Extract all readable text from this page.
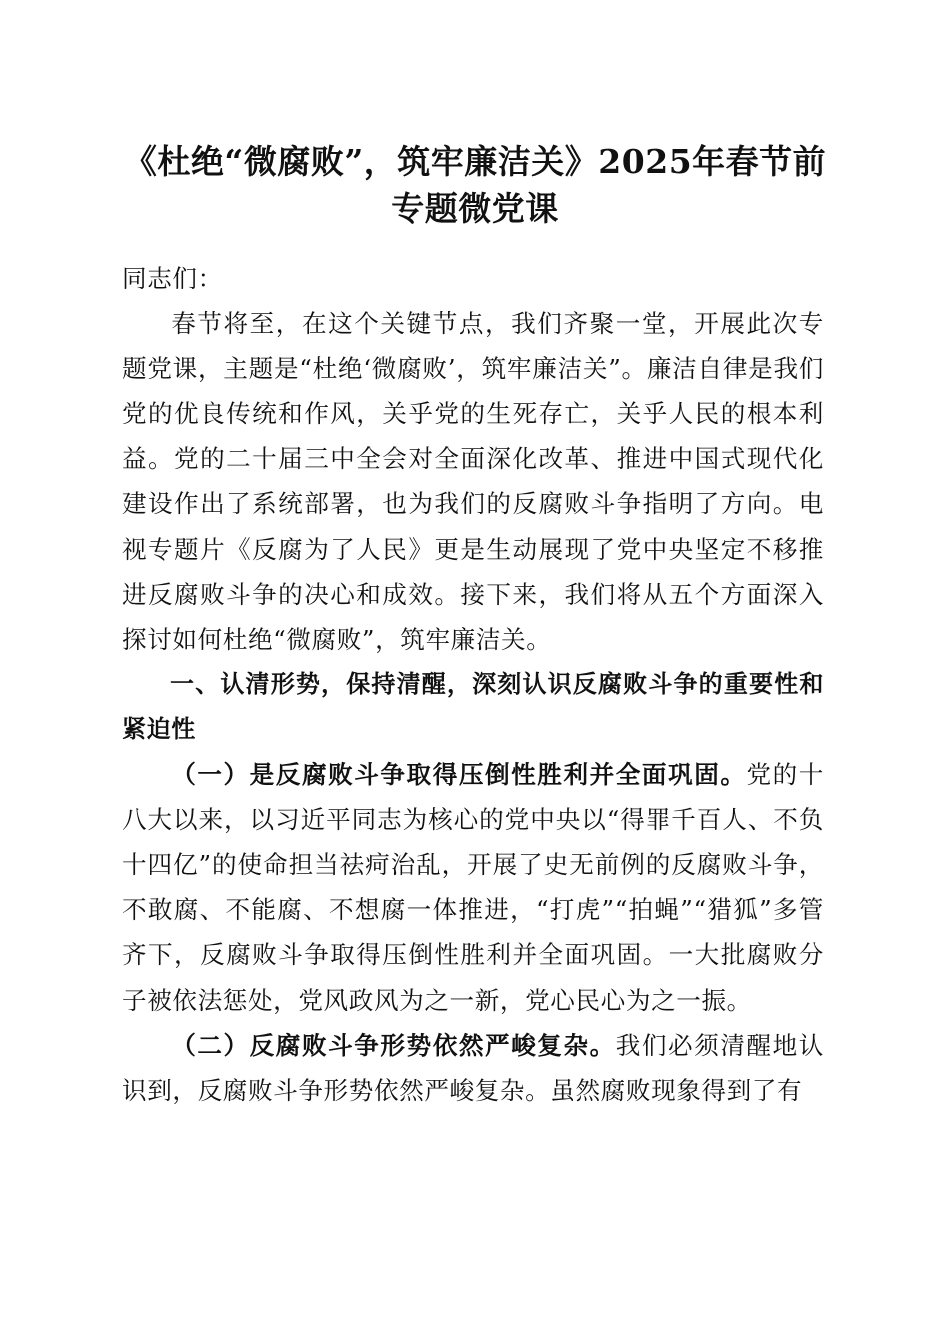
《杜绝“微腐败”，筑牢廉洁关》2025年春节前专题微党课

同志们：

春节将至，在这个关键节点，我们齐聚一堂，开展此次专题党课，主题是“杜绝‘微腐败’，筑牢廉洁关”。廉洁自律是我们党的优良传统和作风，关乎党的生死存亡，关乎人民的根本利益。党的二十届三中全会对全面深化改革、推进中国式现代化建设作出了系统部署，也为我们的反腐败斗争指明了方向。电视专题片《反腐为了人民》更是生动展现了党中央坚定不移推进反腐败斗争的决心和成效。接下来，我们将从五个方面深入探讨如何杜绝“微腐败”，筑牢廉洁关。

一、认清形势，保持清醒，深刻认识反腐败斗争的重要性和紧迫性

（一）是反腐败斗争取得压倒性胜利并全面巩固。党的十八大以来，以习近平同志为核心的党中央以“得罪千百人、不负十四亿”的使命担当祛疴治乱，开展了史无前例的反腐败斗争，不敢腐、不能腐、不想腐一体推进，“打虎”“拍蝇”“猎狐”多管齐下，反腐败斗争取得压倒性胜利并全面巩固。一大批腐败分子被依法惩处，党风政风为之一新，党心民心为之一振。

（二）反腐败斗争形势依然严峻复杂。我们必须清醒地认识到，反腐败斗争形势依然严峻复杂。虽然腐败现象得到了有
